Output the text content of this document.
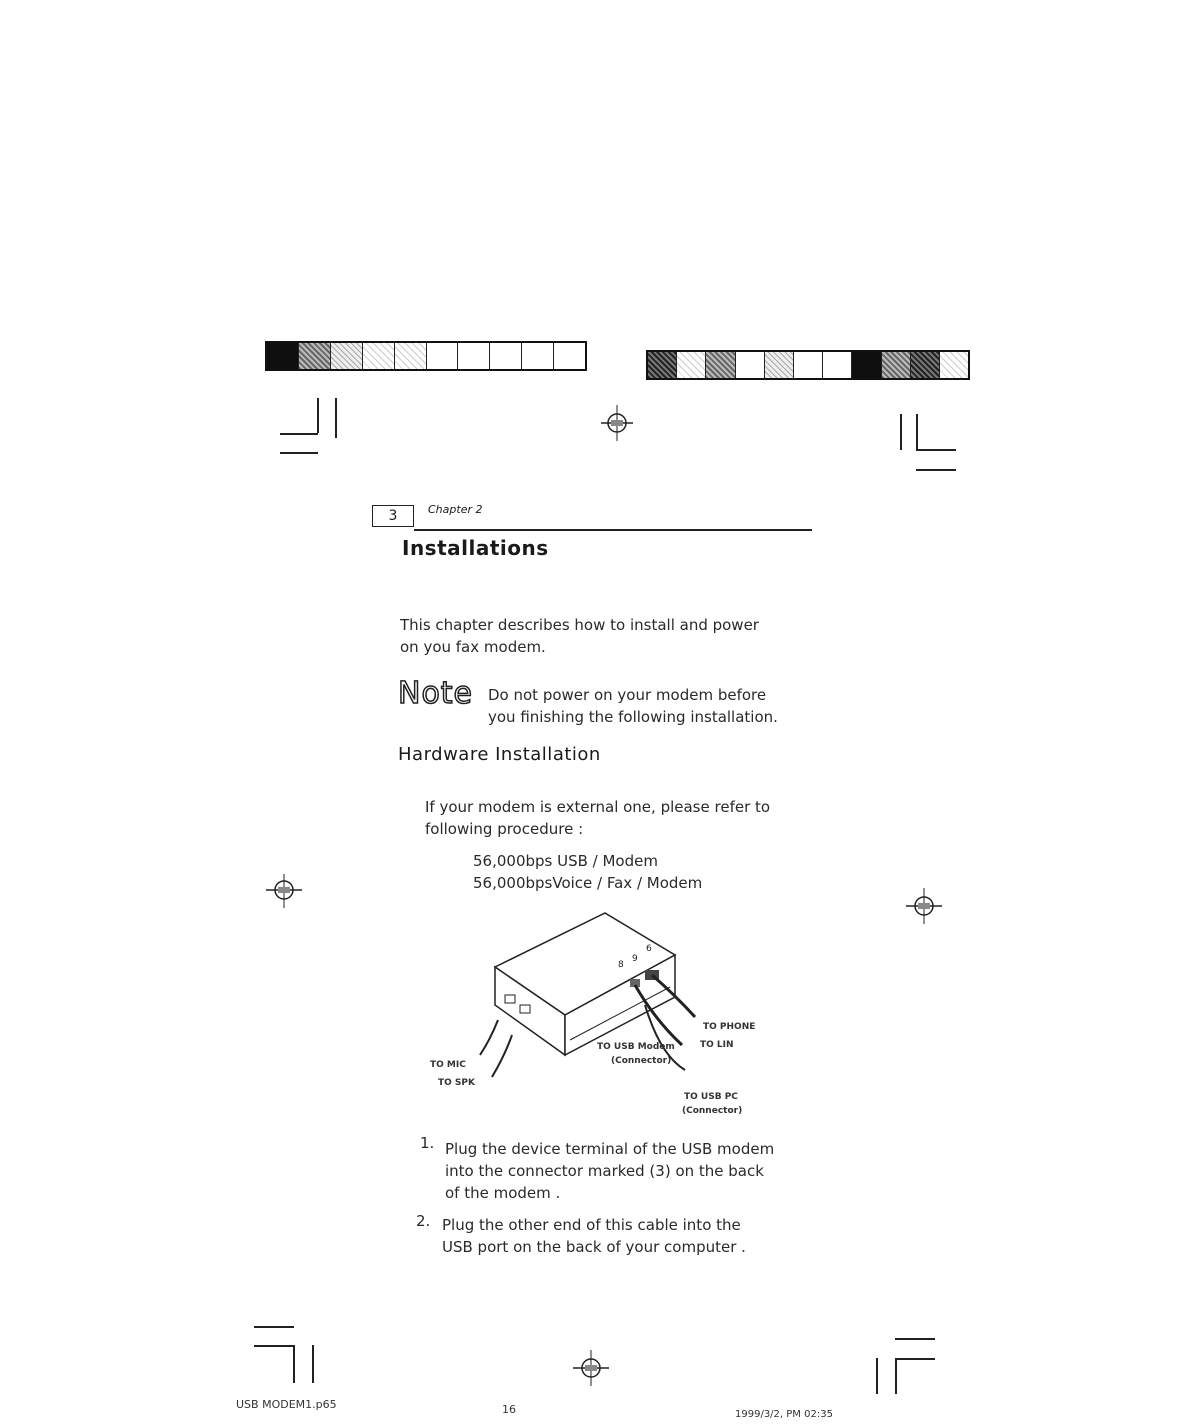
3	Chapter 2
Installations
This chapter describes how to install and power
on you fax modem.
Note Do not power on your modem before
you finishing the following installation.
Hardware Installation
If your modem is external one, please refer to
following procedure :
56,000bps USB / Modem
56,000bpsVoice / Fax / Modem
8
9
6
TO PHONE
TO LIN
TO USB Modem
(Connector)
TO MIC
TO SPK
TO USB PC
(Connector)
1. Plug the device terminal of the USB modem
into the connector marked (3) on the back
of the modem .
2. Plug the other end of this cable into the
USB port on the back of your computer .
USB MODEM1.p65	16	1999/3/2, PM 02:35
